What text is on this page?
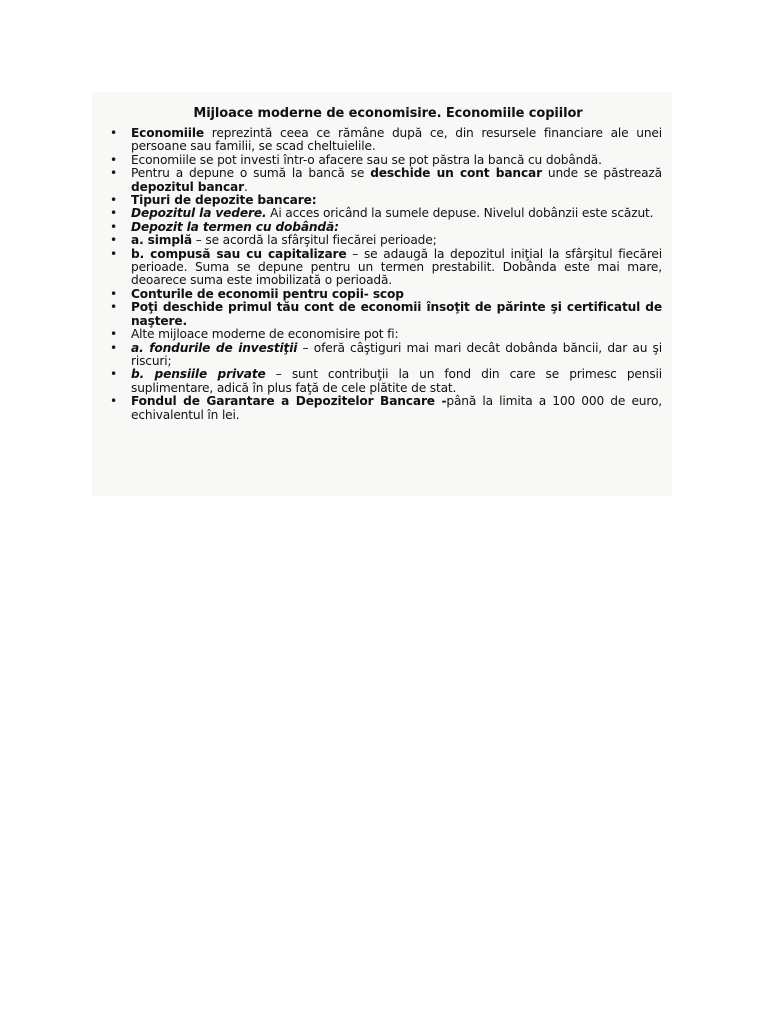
Mijloace moderne de economisire. Economiile copiilor
• Economiile reprezintă ceea ce rămâne după ce, din resursele financiare ale unei persoane sau familii, se scad cheltuielile.
• Economiile se pot investi într-o afacere sau se pot păstra la bancă cu dobândă.
• Pentru a depune o sumă la bancă se deschide un cont bancar unde se păstrează depozitul bancar.
• Tipuri de depozite bancare:
• Depozitul la vedere. Ai acces oricând la sumele depuse. Nivelul dobânzii este scăzut.
• Depozit la termen cu dobândă:
• a. simplă – se acordă la sfârşitul fiecărei perioade;
• b. compusă sau cu capitalizare – se adaugă la depozitul iniţial la sfârşitul fiecărei perioade. Suma se depune pentru un termen prestabilit. Dobânda este mai mare, deoarece suma este imobilizată o perioadă.
• Conturile de economii pentru copii- scop
• Poţi deschide primul tău cont de economii însoţit de părinte şi certificatul de naştere.
• Alte mijloace moderne de economisire pot fi:
• a. fondurile de investiţii – oferă câştiguri mai mari decât dobânda băncii, dar au şi riscuri;
• b. pensiile private – sunt contribuţii la un fond din care se primesc pensii suplimentare, adică în plus faţă de cele plătite de stat.
• Fondul de Garantare a Depozitelor Bancare -până la limita a 100 000 de euro, echivalentul în lei.
